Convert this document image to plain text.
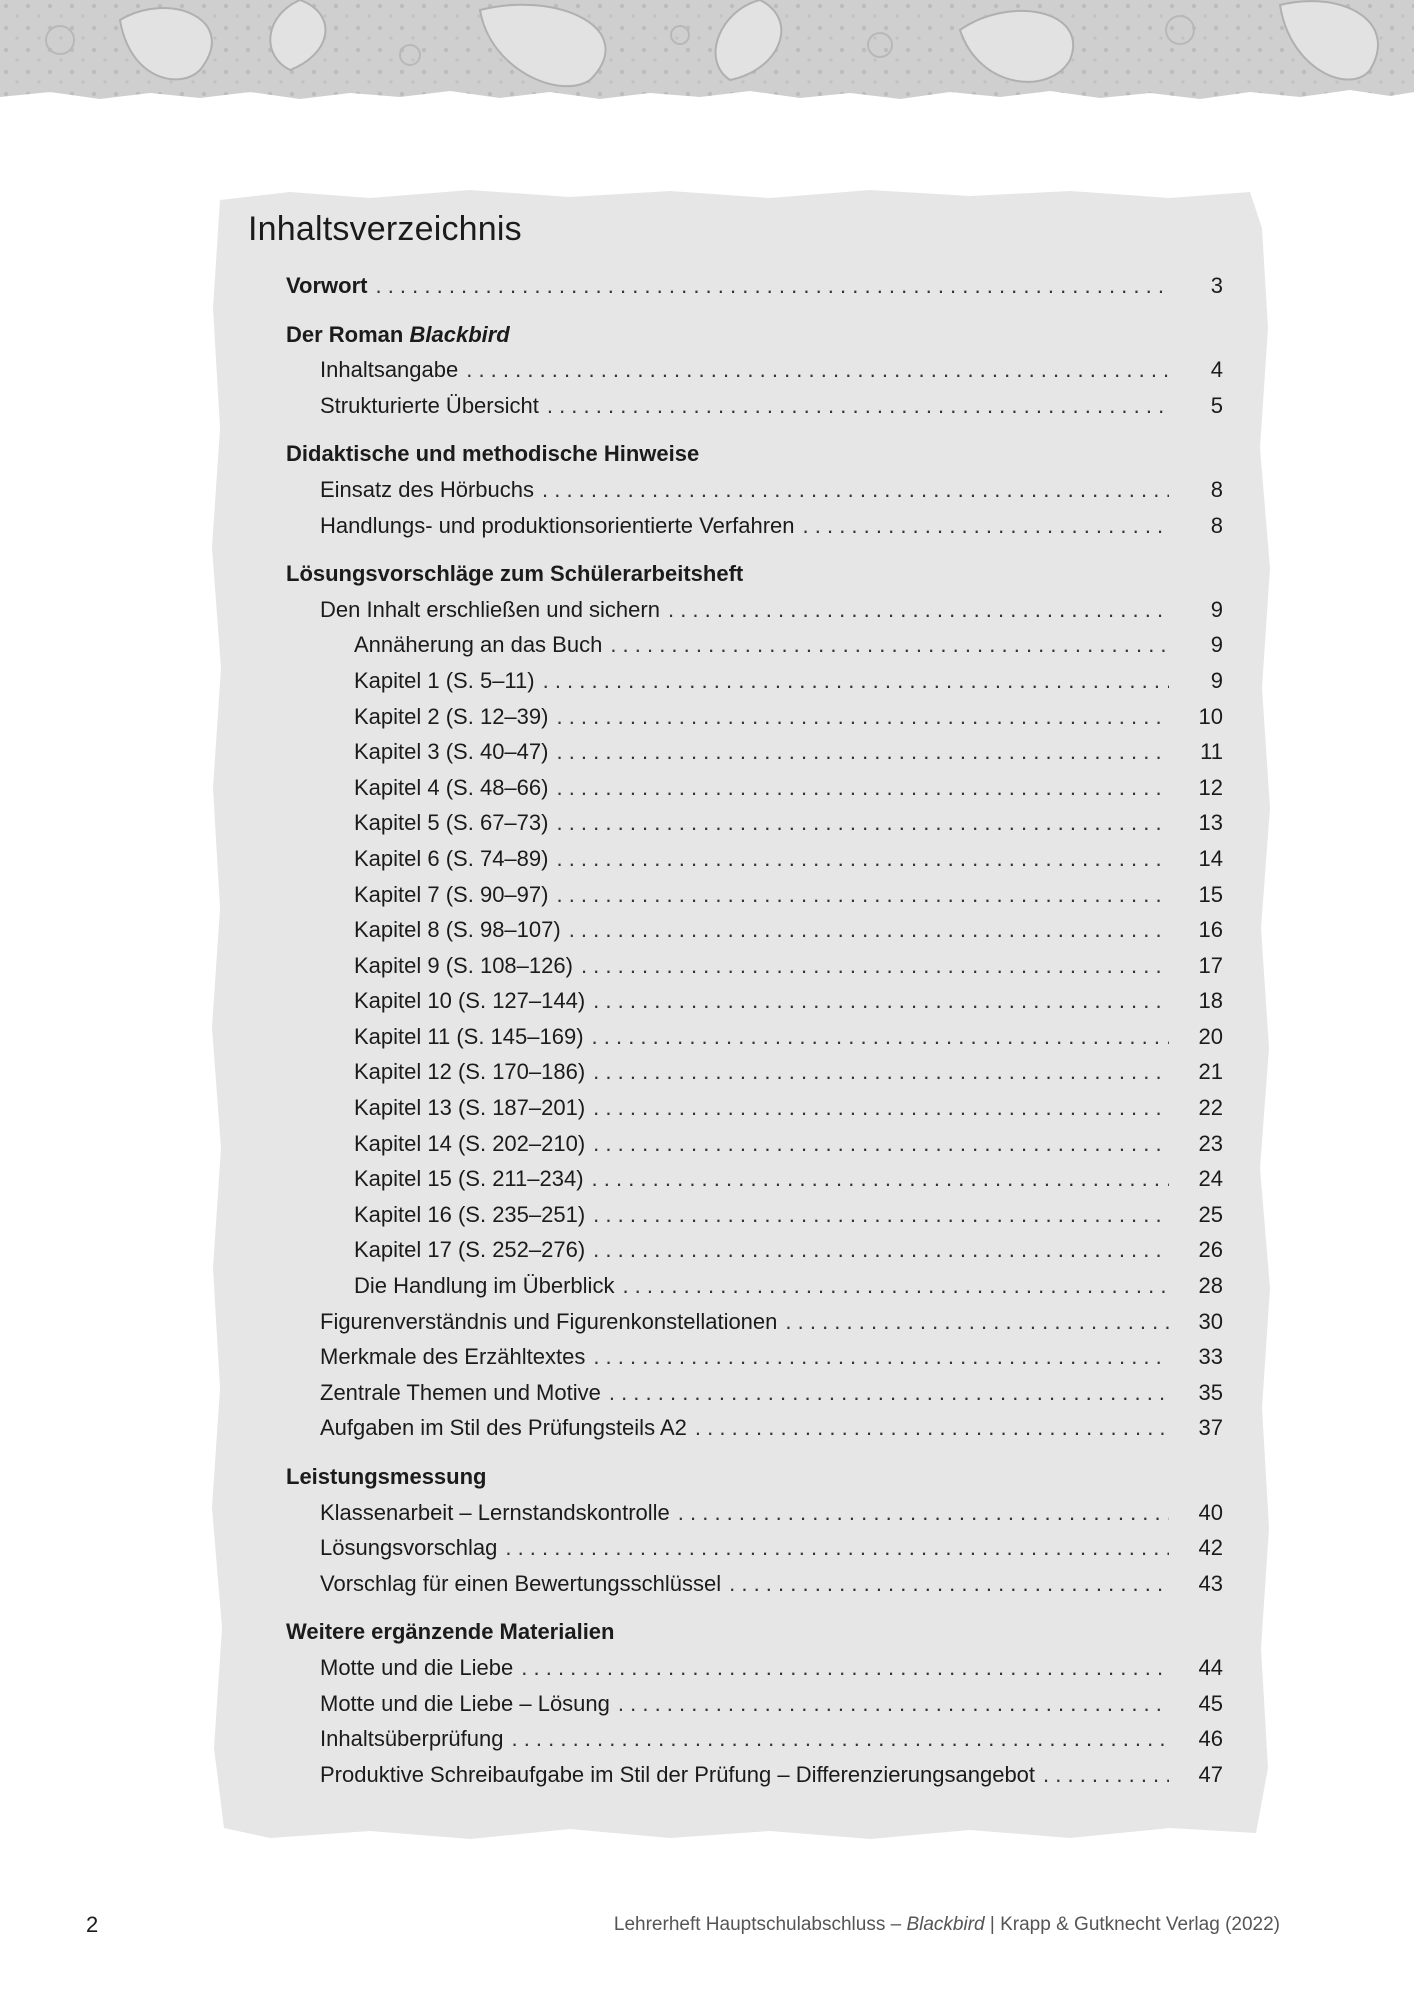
Inhaltsverzeichnis
Vorwort . . .	3
Der Roman Blackbird
Inhaltsangabe . . .	4
Strukturierte Übersicht . . .	5
Didaktische und methodische Hinweise
Einsatz des Hörbuchs . . .	8
Handlungs- und produktionsorientierte Verfahren . . .	8
Lösungsvorschläge zum Schülerarbeitsheft
Den Inhalt erschließen und sichern . . .	9
Annäherung an das Buch . . .	9
Kapitel 1 (S. 5–11) . . .	9
Kapitel 2 (S. 12–39) . . .	10
Kapitel 3 (S. 40–47) . . .	11
Kapitel 4 (S. 48–66) . . .	12
Kapitel 5 (S. 67–73) . . .	13
Kapitel 6 (S. 74–89) . . .	14
Kapitel 7 (S. 90–97) . . .	15
Kapitel 8 (S. 98–107) . . .	16
Kapitel 9 (S. 108–126) . . .	17
Kapitel 10 (S. 127–144) . . .	18
Kapitel 11 (S. 145–169) . . .	20
Kapitel 12 (S. 170–186) . . .	21
Kapitel 13 (S. 187–201) . . .	22
Kapitel 14 (S. 202–210) . . .	23
Kapitel 15 (S. 211–234) . . .	24
Kapitel 16 (S. 235–251) . . .	25
Kapitel 17 (S. 252–276) . . .	26
Die Handlung im Überblick . . .	28
Figurenverständnis und Figurenkonstellationen . . .	30
Merkmale des Erzähltextes . . .	33
Zentrale Themen und Motive . . .	35
Aufgaben im Stil des Prüfungsteils A2 . . .	37
Leistungsmessung
Klassenarbeit – Lernstandskontrolle . . .	40
Lösungsvorschlag . . .	42
Vorschlag für einen Bewertungsschlüssel . . .	43
Weitere ergänzende Materialien
Motte und die Liebe . . .	44
Motte und die Liebe – Lösung . . .	45
Inhaltsüberprüfung . . .	46
Produktive Schreibaufgabe im Stil der Prüfung – Differenzierungsangebot . . .	47
2	Lehrerheft Hauptschulabschluss – Blackbird | Krapp & Gutknecht Verlag (2022)
